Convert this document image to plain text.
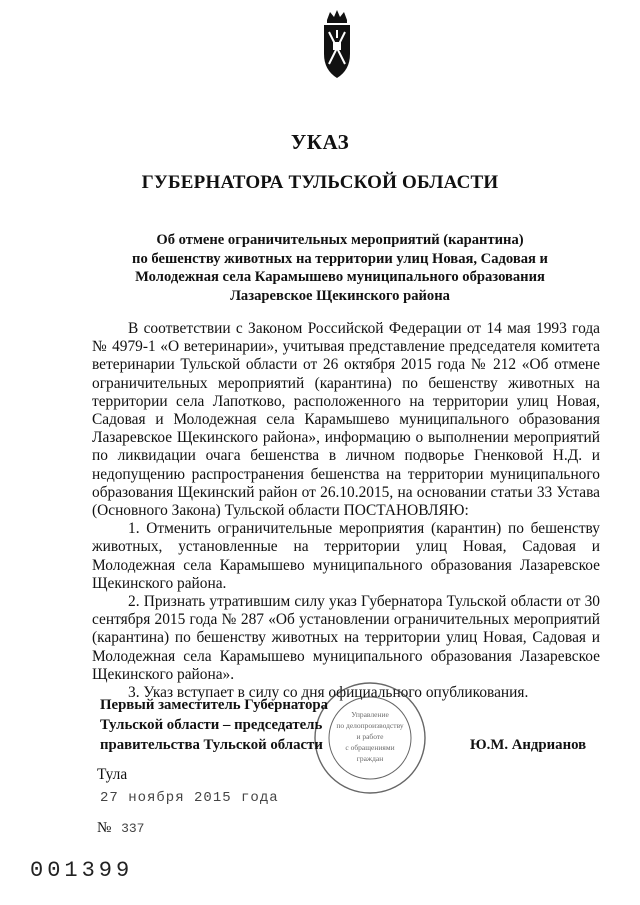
УКАЗ
ГУБЕРНАТОРА ТУЛЬСКОЙ ОБЛАСТИ
Об отмене ограничительных мероприятий (карантина)
по бешенству животных на территории улиц Новая, Садовая и
Молодежная села Карамышево муниципального образования
Лазаревское Щекинского района

В соответствии с Законом Российской Федерации от 14 мая 1993 года № 4979-1 «О ветеринарии», учитывая представление председателя комитета ветеринарии Тульской области от 26 октября 2015 года № 212 «Об отмене ограничительных мероприятий (карантина) по бешенству животных на территории села Лапотково, расположенного на территории улиц Новая, Садовая и Молодежная села Карамышево муниципального образования Лазаревское Щекинского района», информацию о выполнении мероприятий по ликвидации очага бешенства в личном подворье Гненковой Н.Д. и недопущению распространения бешенства на территории муниципального образования Щекинский район от 26.10.2015, на основании статьи 33 Устава (Основного Закона) Тульской области ПОСТАНОВЛЯЮ:

1. Отменить ограничительные мероприятия (карантин) по бешенству животных, установленные на территории улиц Новая, Садовая и Молодежная села Карамышево муниципального образования Лазаревское Щекинского района.

2. Признать утратившим силу указ Губернатора Тульской области от 30 сентября 2015 года № 287 «Об установлении ограничительных мероприятий (карантина) по бешенству животных на территории улиц Новая, Садовая и Молодежная села Карамышево муниципального образования Лазаревское Щекинского района».

3. Указ вступает в силу со дня официального опубликования.

Управление
по делопроизводству
и работе
с обращениями
граждан
Первый заместитель Губернатора
Тульской области – председатель
правительства Тульской области	Ю.М. Андрианов
Тула
27 ноября 2015 года
№ 337
001399
